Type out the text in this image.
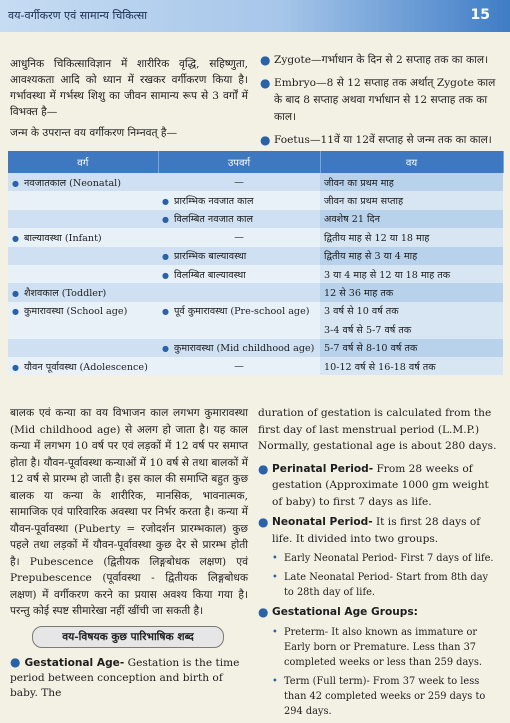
वय-वर्गीकरण एवं सामान्य चिकित्सा	15
आधुनिक चिकित्साविज्ञान में शारीरिक वृद्धि, सहिष्णुता, आवश्यकता आदि को ध्यान में रखकर वर्गीकरण किया है। गर्भावस्था में गर्भस्थ शिशु का जीवन सामान्य रूप से 3 वर्गों में विभक्त है—
● Zygote—गर्भाधान के दिन से 2 सप्ताह तक का काल।
● Embryo—8 से 12 सप्ताह तक अर्थात् Zygote काल के बाद 8 सप्ताह अथवा गर्भाधान से 12 सप्ताह तक का काल।
● Foetus—11वें या 12वें सप्ताह से जन्म तक का काल।
जन्म के उपरान्त वय वर्गीकरण निम्नवत् है—
वर्ग	उपवर्ग	वय
● नवजातकाल (Neonatal)	—	जीवन का प्रथम माह
	● प्रारम्भिक नवजात काल	जीवन का प्रथम सप्ताह
	● विलम्बित नवजात काल	अवशेष 21 दिन
● बाल्यावस्था (Infant)	—	द्वितीय माह से 12 या 18 माह
	● प्रारम्भिक बाल्यावस्था	द्वितीय माह से 3 या 4 माह
	● विलम्बित बाल्यावस्था	3 या 4 माह से 12 या 18 माह तक
● शैशवकाल (Toddler)		12 से 36 माह तक
● कुमारावस्था (School age)	● पूर्व कुमारावस्था (Pre-school age)	3 वर्ष से 10 वर्ष तक
		3-4 वर्ष से 5-7 वर्ष तक
	● कुमारावस्था (Mid childhood age)	5-7 वर्ष से 8-10 वर्ष तक
● यौवन पूर्वावस्था (Adolescence)	—	10-12 वर्ष से 16-18 वर्ष तक
बालक एवं कन्या का वय विभाजन काल लगभग कुमारावस्था (Mid childhood age) से अलग हो जाता है। यह काल कन्या में लगभग 10 वर्ष पर एवं लड़कों में 12 वर्ष पर समाप्त होता है। यौवन-पूर्वावस्था कन्याओं में 10 वर्ष से तथा बालकों में 12 वर्ष से प्रारम्भ हो जाती है। इस काल की समाप्ति बहुत कुछ बालक या कन्या के शारीरिक, मानसिक, भावनात्मक, सामाजिक एवं पारिवारिक अवस्था पर निर्भर करता है। कन्या में यौवन-पूर्वावस्था (Puberty = रजोदर्शन प्रारम्भकाल) कुछ पहले तथा लड़कों में यौवन-पूर्वावस्था कुछ देर से प्रारम्भ होती है। Pubescence (द्वितीयक लिङ्गबोधक लक्षण) एवं Prepubescence (पूर्वावस्था - द्वितीयक लिङ्गबोधक लक्षण) में वर्गीकरण करने का प्रयास अवश्य किया गया है। परन्तु कोई स्पष्ट सीमारेखा नहीं खींची जा सकती है।
वय-विषयक कुछ पारिभाषिक शब्द
● Gestational Age- Gestation is the time period between conception and birth of baby. The

duration of gestation is calculated from the first day of last menstrual period (L.M.P.) Normally, gestational age is about 280 days.

● Perinatal Period- From 28 weeks of gestation (Approximate 1000 gm weight of baby) to first 7 days as life.
● Neonatal Period- It is first 28 days of life. It divided into two groups.
• Early Neonatal Period- First 7 days of life.
• Late Neonatal Period- Start from 8th day to 28th day of life.
● Gestational Age Groups:
• Preterm- It also known as immature or Early born or Premature. Less than 37 completed weeks or less than 259 days.
• Term (Full term)- From 37 week to less than 42 completed weeks or 259 days to 294 days.
